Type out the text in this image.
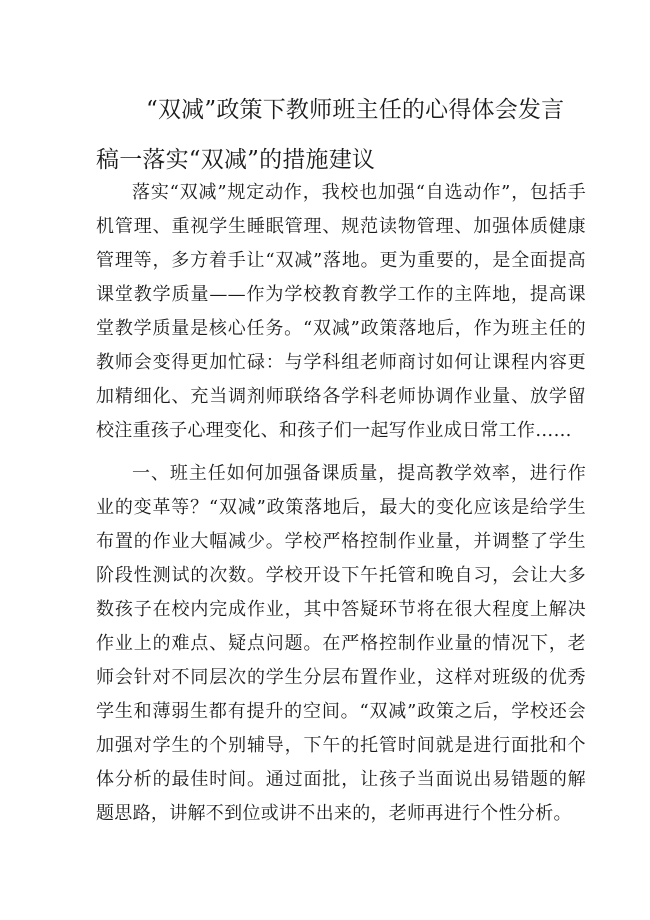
“双减”政策下教师班主任的心得体会发言
稿一落实“双减”的措施建议

落实“双减”规定动作，我校也加强“自选动作”，包括手机管理、重视学生睡眠管理、规范读物管理、加强体质健康管理等，多方着手让“双减”落地。更为重要的，是全面提高课堂教学质量——作为学校教育教学工作的主阵地，提高课堂教学质量是核心任务。“双减”政策落地后，作为班主任的教师会变得更加忙碌：与学科组老师商讨如何让课程内容更加精细化、充当调剂师联络各学科老师协调作业量、放学留校注重孩子心理变化、和孩子们一起写作业成日常工作……

一、班主任如何加强备课质量，提高教学效率，进行作业的变革等？“双减”政策落地后，最大的变化应该是给学生布置的作业大幅减少。学校严格控制作业量，并调整了学生阶段性测试的次数。学校开设下午托管和晚自习，会让大多数孩子在校内完成作业，其中答疑环节将在很大程度上解决作业上的难点、疑点问题。在严格控制作业量的情况下，老师会针对不同层次的学生分层布置作业，这样对班级的优秀学生和薄弱生都有提升的空间。“双减”政策之后，学校还会加强对学生的个别辅导，下午的托管时间就是进行面批和个体分析的最佳时间。通过面批，让孩子当面说出易错题的解题思路，讲解不到位或讲不出来的，老师再进行个性分析。
